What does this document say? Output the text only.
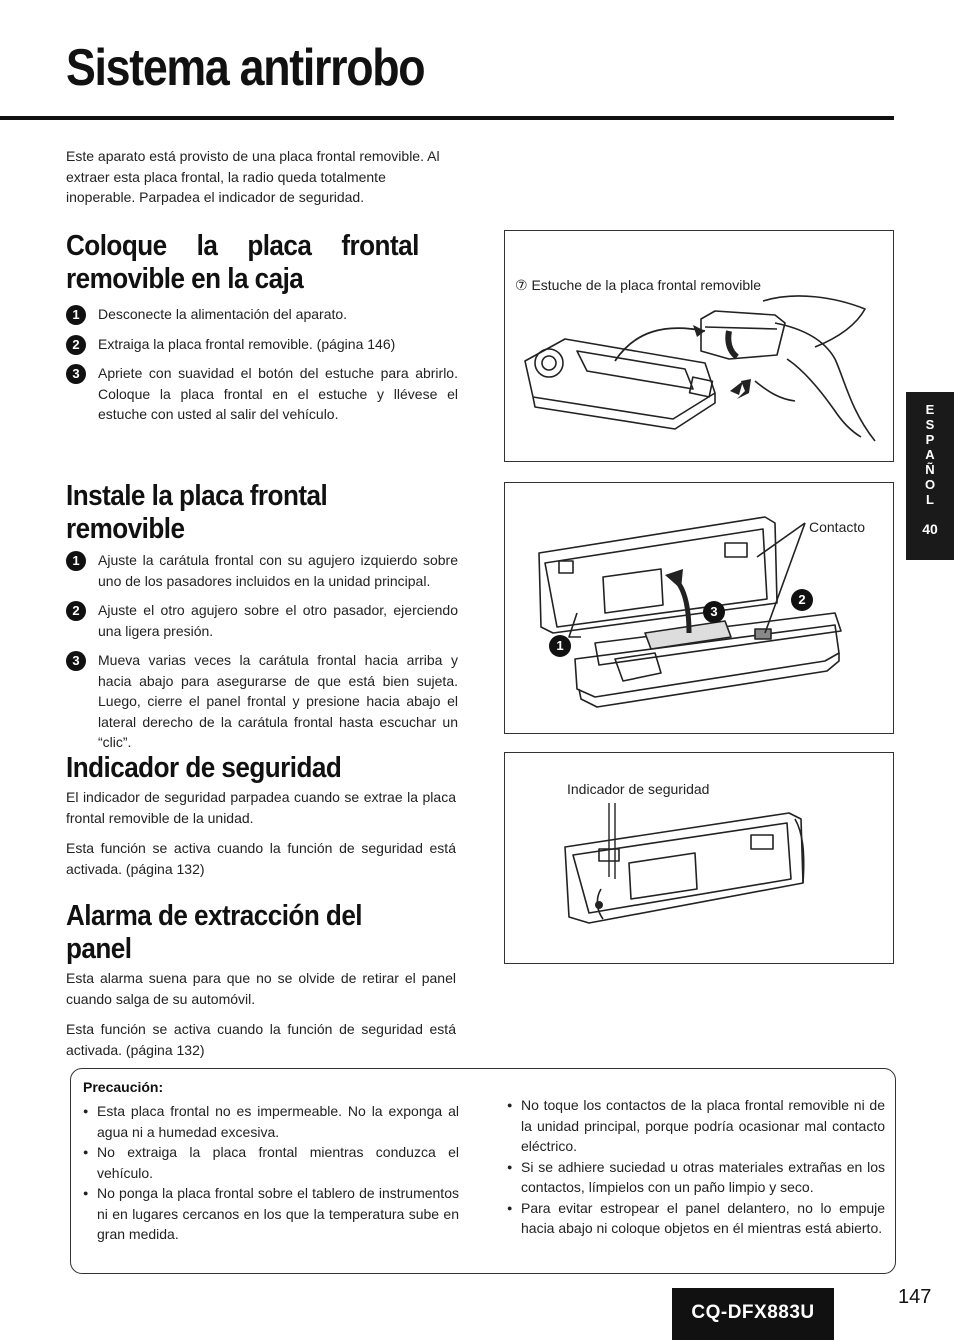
Sistema antirrobo

Este aparato está provisto de una placa frontal removible. Al extraer esta placa frontal, la radio queda totalmente inoperable. Parpadea el indicador de seguridad.

Coloque la placa frontal removible en la caja
1	Desconecte la alimentación del aparato.
2	Extraiga la placa frontal removible. (página 146)
3	Apriete con suavidad el botón del estuche para abrirlo. Coloque la placa frontal en el estuche y llévese el estuche con usted al salir del vehículo.
Instale la placa frontal removible
1	Ajuste la carátula frontal con su agujero izquierdo sobre uno de los pasadores incluidos en la unidad principal.
2	Ajuste el otro agujero sobre el otro pasador, ejerciendo una ligera presión.
3	Mueva varias veces la carátula frontal hacia arriba y hacia abajo para asegurarse de que está bien sujeta. Luego, cierre el panel frontal y presione hacia abajo el lateral derecho de la carátula frontal hasta escuchar un “clic”.
Indicador de seguridad

El indicador de seguridad parpadea cuando se extrae la placa frontal removible de la unidad.

Esta función se activa cuando la función de seguridad está activada. (página 132)

Alarma de extracción del panel

Esta alarma suena para que no se olvide de retirar el panel cuando salga de su automóvil.

Esta función se activa cuando la función de seguridad está activada. (página 132)

⑦ Estuche de la placa frontal removible
Contacto
3
2
1
Indicador de seguridad
E
S
P
A
Ñ
O
L
40
Precaución:
● Esta placa frontal no es impermeable. No la exponga al agua ni a humedad excesiva.
● No extraiga la placa frontal mientras conduzca el vehículo.
● No ponga la placa frontal sobre el tablero de instrumentos ni en lugares cercanos en los que la temperatura sube en gran medida.
● No toque los contactos de la placa frontal removible ni de la unidad principal, porque podría ocasionar mal contacto eléctrico.
● Si se adhiere suciedad u otras materiales extrañas en los contactos, límpielos con un paño limpio y seco.
● Para evitar estropear el panel delantero, no lo empuje hacia abajo ni coloque objetos en él mientras está abierto.
CQ-DFX883U
147
